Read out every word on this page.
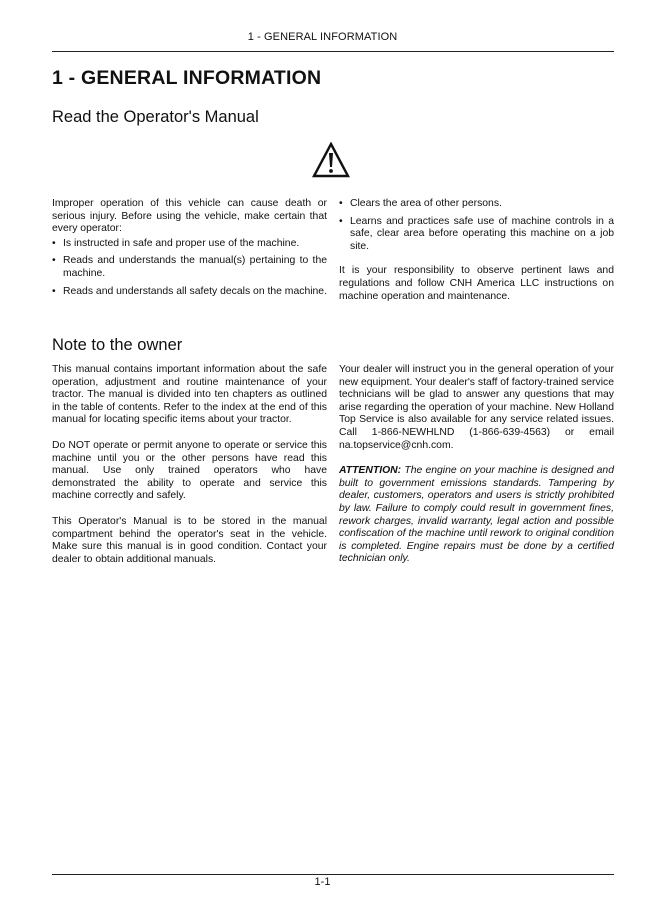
1 - GENERAL INFORMATION
1 - GENERAL INFORMATION
Read the Operator's Manual

Improper operation of this vehicle can cause death or serious injury. Before using the vehicle, make certain that every operator:

• Is instructed in safe and proper use of the machine.
• Reads and understands the manual(s) pertaining to the machine.
• Reads and understands all safety decals on the machine.
• Clears the area of other persons.
• Learns and practices safe use of machine controls in a safe, clear area before operating this machine on a job site.

It is your responsibility to observe pertinent laws and regulations and follow CNH America LLC instructions on machine operation and maintenance.

Note to the owner

This manual contains important information about the safe operation, adjustment and routine maintenance of your tractor. The manual is divided into ten chapters as outlined in the table of contents. Refer to the index at the end of this manual for locating specific items about your tractor.

Do NOT operate or permit anyone to operate or service this machine until you or the other persons have read this manual. Use only trained operators who have demonstrated the ability to operate and service this machine correctly and safely.

This Operator's Manual is to be stored in the manual compartment behind the operator's seat in the vehicle. Make sure this manual is in good condition. Contact your dealer to obtain additional manuals.

Your dealer will instruct you in the general operation of your new equipment. Your dealer's staff of factory-trained service technicians will be glad to answer any questions that may arise regarding the operation of your machine. New Holland Top Service is also available for any service related issues. Call 1-866-NEWHLND (1-866-639-4563) or email na.topservice@cnh.com.

ATTENTION: The engine on your machine is designed and built to government emissions standards. Tampering by dealer, customers, operators and users is strictly prohibited by law. Failure to comply could result in government fines, rework charges, invalid warranty, legal action and possible confiscation of the machine until rework to original condition is completed. Engine repairs must be done by a certified technician only.

1-1
